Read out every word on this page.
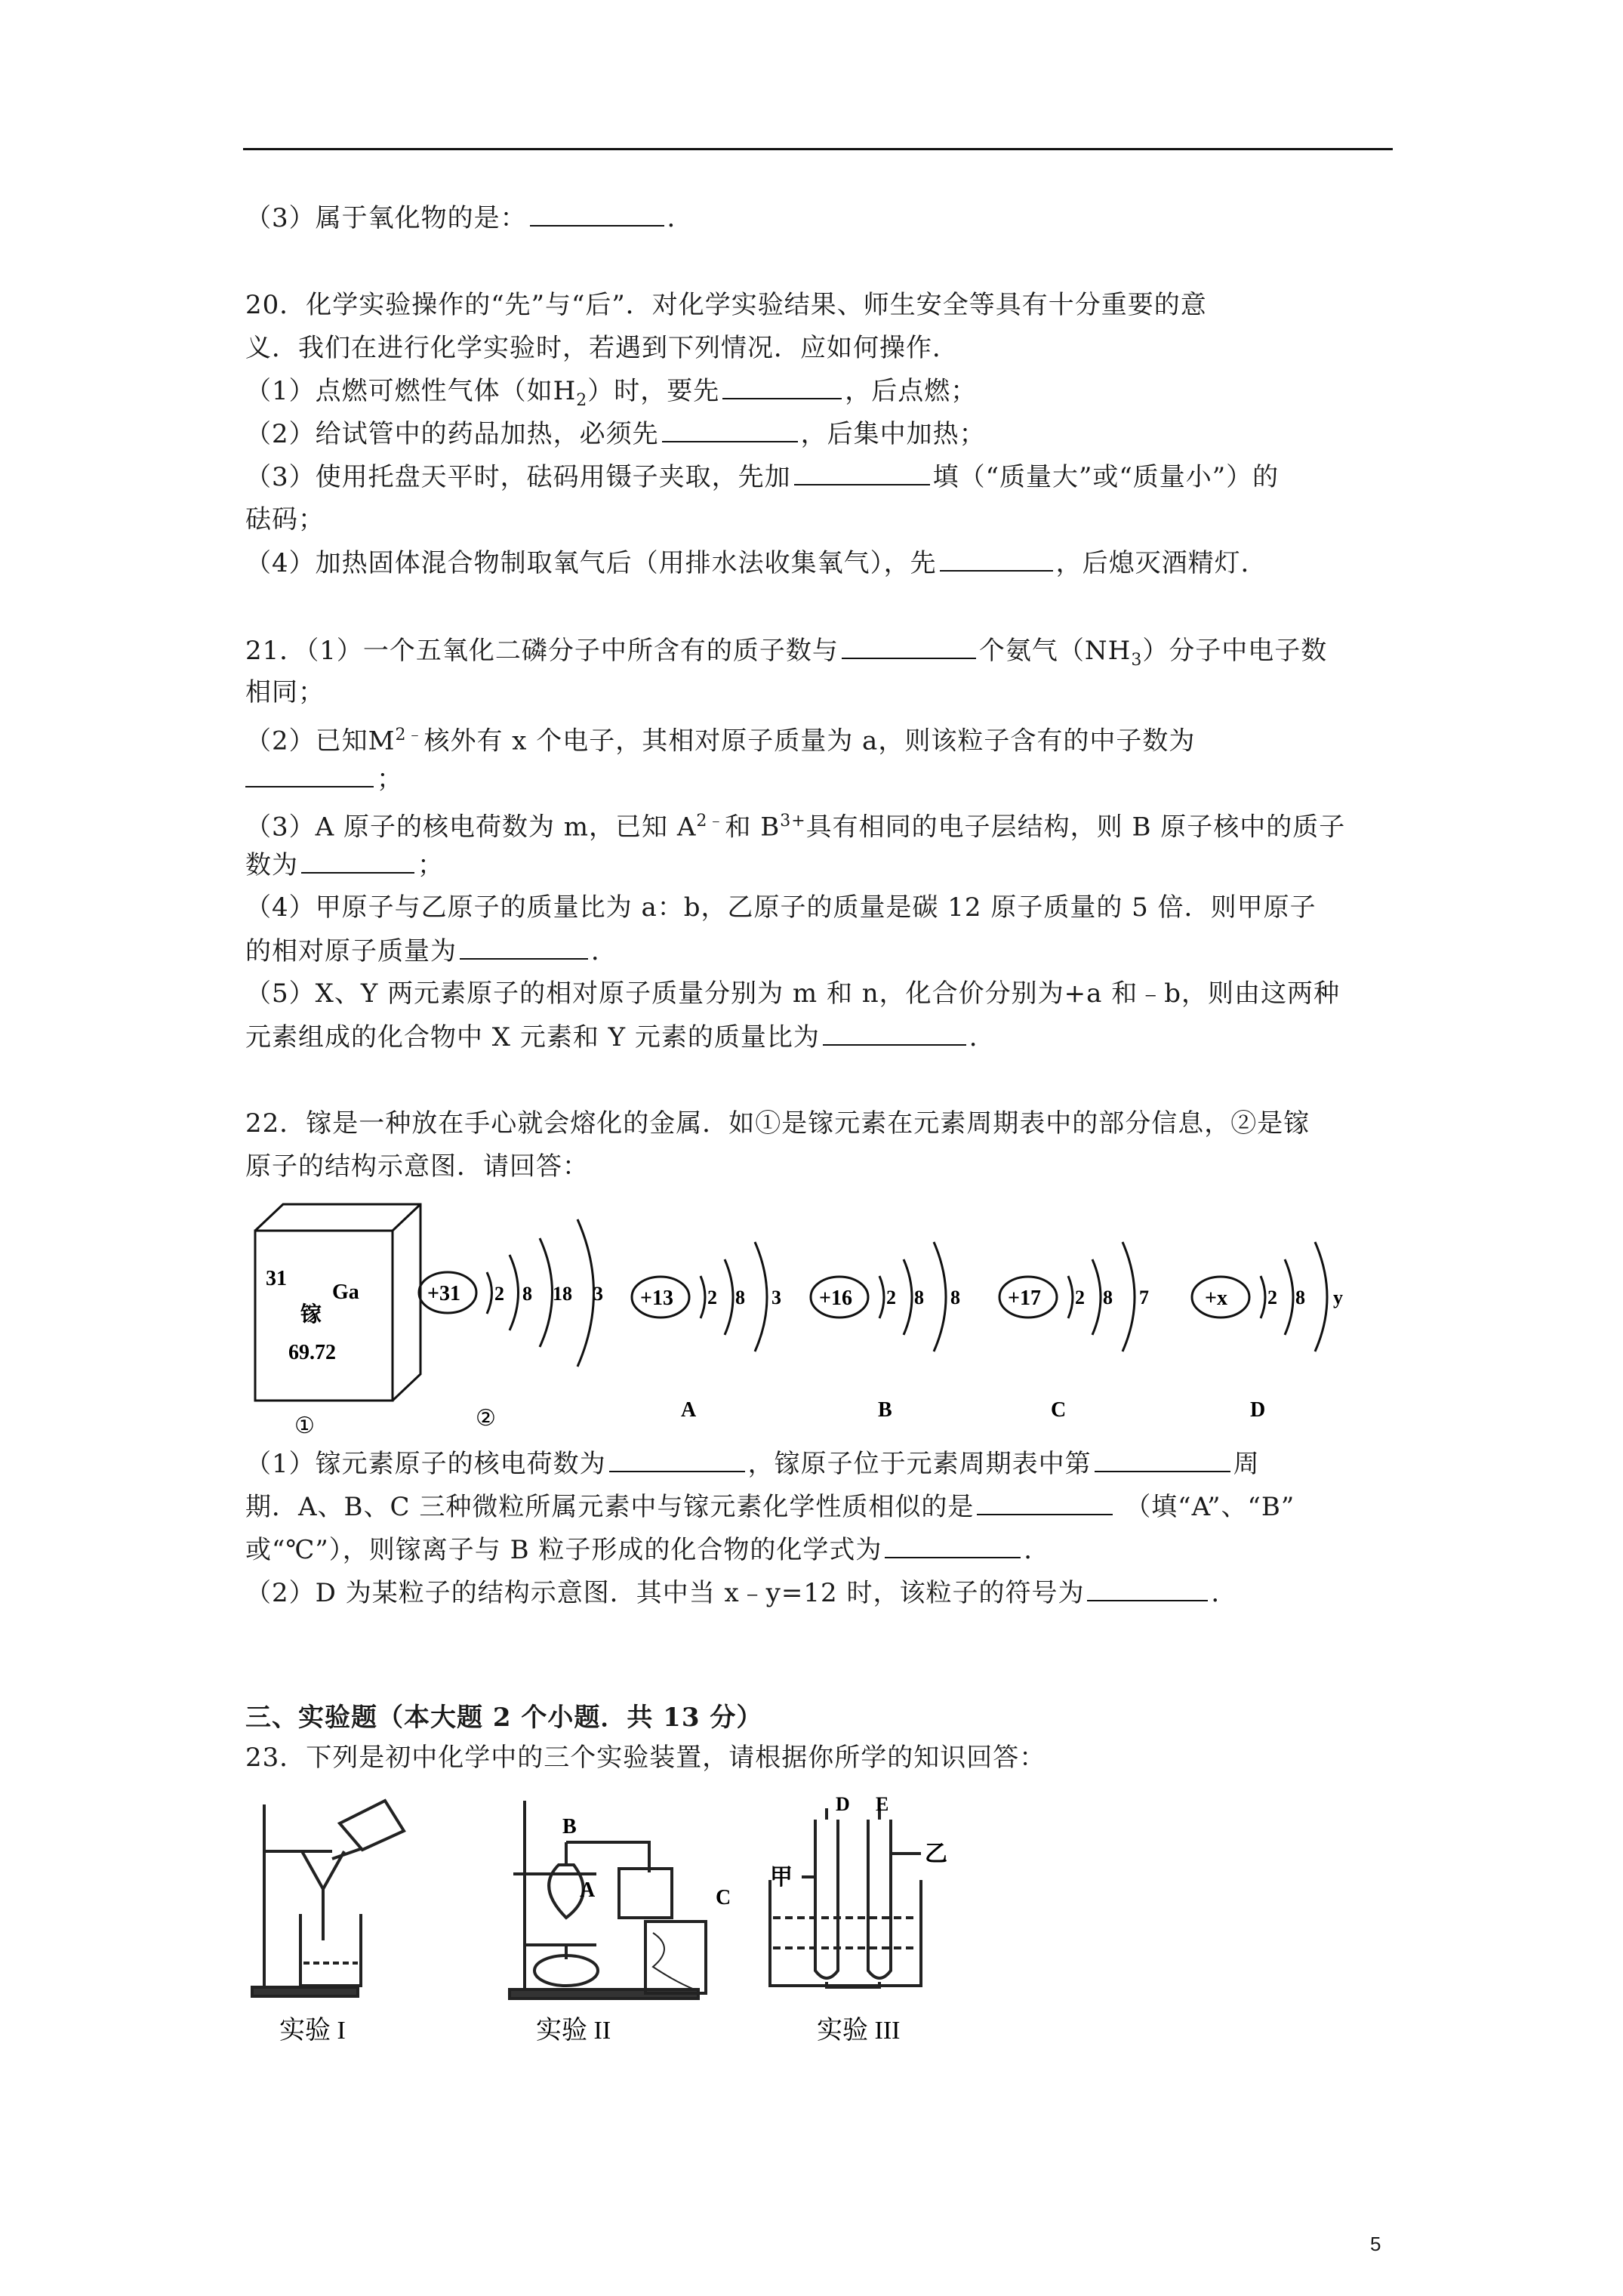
（3）属于氧化物的是：	．
20．化学实验操作的“先”与“后”．对化学实验结果、师生安全等具有十分重要的意
义．我们在进行化学实验时，若遇到下列情况．应如何操作．
（1）点燃可燃性气体（如$H_2$）时，要先	，后点燃；
（2）给试管中的药品加热，必须先	，后集中加热；
（3）使用托盘天平时，砝码用镊子夹取，先加	填（“质量大”或“质量小”）的
砝码；
（4）加热固体混合物制取氧气后（用排水法收集氧气），先	，后熄灭酒精灯．
21．（1）一个五氧化二磷分子中所含有的质子数与	个氨气$(NH_3)$分子中电子数
相同；
（2）已知$M^{2﹣}$核外有 x 个电子，其相对原子质量为 a，则该粒子含有的中子数为
；
（3）A 原子的核电荷数为 m，已知 $A^{2﹣}$和 $B^{3+}$具有相同的电子层结构，则 B 原子核中的质子
数为	；
（4）甲原子与乙原子的质量比为 a：b，乙原子的质量是碳 12 原子质量的 5 倍．则甲原子
的相对原子质量为	．
（5）X、Y 两元素原子的相对原子质量分别为 m 和 n，化合价分别为+a 和﹣b，则由这两种
元素组成的化合物中 X 元素和 Y 元素的质量比为	．
22．镓是一种放在手心就会熔化的金属．如①是镓元素在元素周期表中的部分信息，②是镓
原子的结构示意图．请回答：
31
Ga
镓
69.72
①
+31 2 8 18 3
②
+13 2 8 3
A
+16 2 8 8
B
+17 2 8 7
C
+x 2 8 y
D
（1）镓元素原子的核电荷数为	，镓原子位于元素周期表中第	周
期．A、B、C 三种微粒所属元素中与镓元素化学性质相似的是	（填“A”、“B”
或“℃”），则镓离子与 B 粒子形成的化合物的化学式为	．
（2）D 为某粒子的结构示意图．其中当 x﹣y=12 时，该粒子的符号为	．
三、实验题（本大题 2 个小题．共 13 分）
23．下列是初中化学中的三个实验装置，请根据你所学的知识回答：
实验 I
B
A	C
实验 II
D E
甲
乙
实验 III
5
